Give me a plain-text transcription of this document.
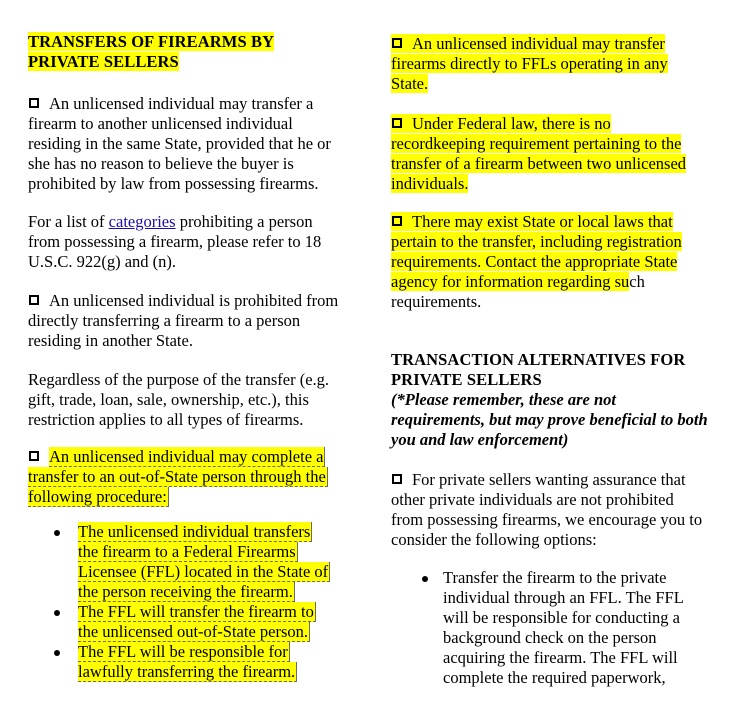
TRANSFERS OF FIREARMS BY
PRIVATE SELLERS

An unlicensed individual may transfer a firearm to another unlicensed individual residing in the same State, provided that he or she has no reason to believe the buyer is prohibited by law from possessing firearms.

For a list of categories prohibiting a person from possessing a firearm, please refer to 18 U.S.C. 922(g) and (n).

An unlicensed individual is prohibited from directly transferring a firearm to a person residing in another State.

Regardless of the purpose of the transfer (e.g. gift, trade, loan, sale, ownership, etc.), this restriction applies to all types of firearms.

An unlicensed individual may complete a
transfer to an out-of-State person through the
following procedure:
The unlicensed individual transfers
the firearm to a Federal Firearms
Licensee (FFL) located in the State of
the person receiving the firearm.
The FFL will transfer the firearm to
the unlicensed out-of-State person.
The FFL will be responsible for
lawfully transferring the firearm.

An unlicensed individual may transfer firearms directly to FFLs operating in any State.

Under Federal law, there is no recordkeeping requirement pertaining to the transfer of a firearm between two unlicensed individuals.

There may exist State or local laws that
pertain to the transfer, including registration
requirements. Contact the appropriate State
agency for information regarding such
requirements.
TRANSACTION ALTERNATIVES FOR
PRIVATE SELLERS

(*Please remember, these are not requirements, but may prove beneficial to both you and law enforcement)

For private sellers wanting assurance that other private individuals are not prohibited from possessing firearms, we encourage you to consider the following options:

Transfer the firearm to the private individual through an FFL. The FFL will be responsible for conducting a background check on the person acquiring the firearm. The FFL will complete the required paperwork,
